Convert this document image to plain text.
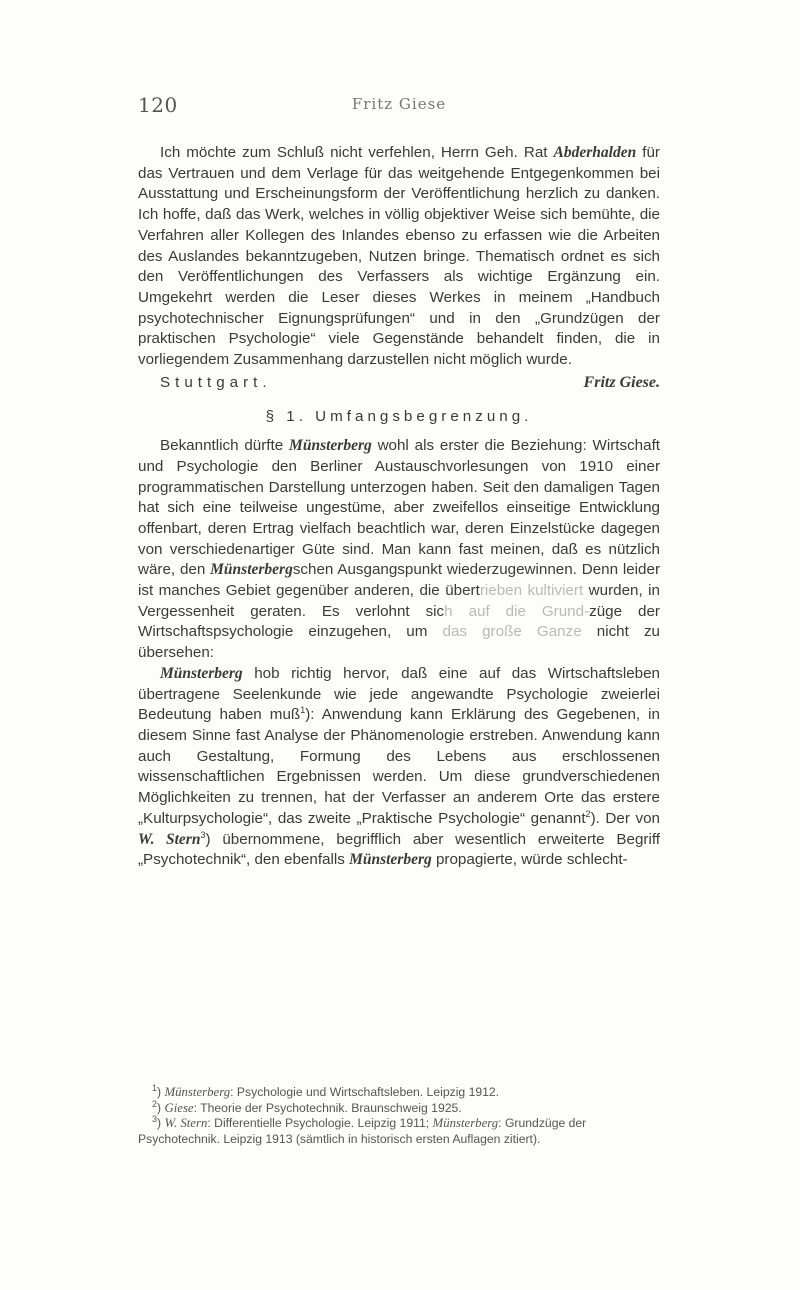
120	Fritz Giese

Ich möchte zum Schluß nicht verfehlen, Herrn Geh. Rat Abderhalden für das Vertrauen und dem Verlage für das weitgehende Entgegenkommen bei Ausstattung und Erscheinungsform der Veröffentlichung herzlich zu danken. Ich hoffe, daß das Werk, welches in völlig objektiver Weise sich bemühte, die Verfahren aller Kollegen des Inlandes ebenso zu erfassen wie die Arbeiten des Auslandes bekanntzugeben, Nutzen bringe. Thematisch ordnet es sich den Veröffentlichungen des Verfassers als wichtige Ergänzung ein. Umgekehrt werden die Leser dieses Werkes in meinem „Handbuch psychotechnischer Eignungsprüfungen“ und in den „Grundzügen der praktischen Psychologie“ viele Gegenstände behandelt finden, die in vorliegendem Zusammenhang darzustellen nicht möglich wurde.

Stuttgart.	Fritz Giese.
§ 1. Umfangsbegrenzung.

Bekanntlich dürfte Münsterberg wohl als erster die Beziehung: Wirtschaft und Psychologie den Berliner Austauschvorlesungen von 1910 einer programmatischen Darstellung unterzogen haben. Seit den damaligen Tagen hat sich eine teilweise ungestüme, aber zweifellos einseitige Entwicklung offenbart, deren Ertrag vielfach beachtlich war, deren Einzelstücke dagegen von verschiedenartiger Güte sind. Man kann fast meinen, daß es nützlich wäre, den Münsterbergschen Ausgangspunkt wiederzugewinnen. Denn leider ist manches Gebiet gegenüber anderen, die übertrieben kultiviert wurden, in Vergessenheit geraten. Es verlohnt sich auf die Grund-züge der Wirtschaftspsychologie einzugehen, um das große Ganze nicht zu übersehen:

Münsterberg hob richtig hervor, daß eine auf das Wirtschaftsleben übertragene Seelenkunde wie jede angewandte Psychologie zweierlei Bedeutung haben muß$^1$): Anwendung kann Erklärung des Gegebenen, in diesem Sinne fast Analyse der Phänomenologie erstreben. Anwendung kann auch Gestaltung, Formung des Lebens aus erschlossenen wissenschaftlichen Ergebnissen werden. Um diese grundverschiedenen Möglichkeiten zu trennen, hat der Verfasser an anderem Orte das erstere „Kulturpsychologie“, das zweite „Praktische Psychologie“ genannt$^2$). Der von W. Stern$^3$) übernommene, begrifflich aber wesentlich erweiterte Begriff „Psychotechnik“, den ebenfalls Münsterberg propagierte, würde schlecht-

$^1$) Münsterberg: Psychologie und Wirtschaftsleben. Leipzig 1912.
$^2$) Giese: Theorie der Psychotechnik. Braunschweig 1925.
$^3$) W. Stern: Differentielle Psychologie. Leipzig 1911; Münsterberg: Grundzüge der Psychotechnik. Leipzig 1913 (sämtlich in historisch ersten Auflagen zitiert).
